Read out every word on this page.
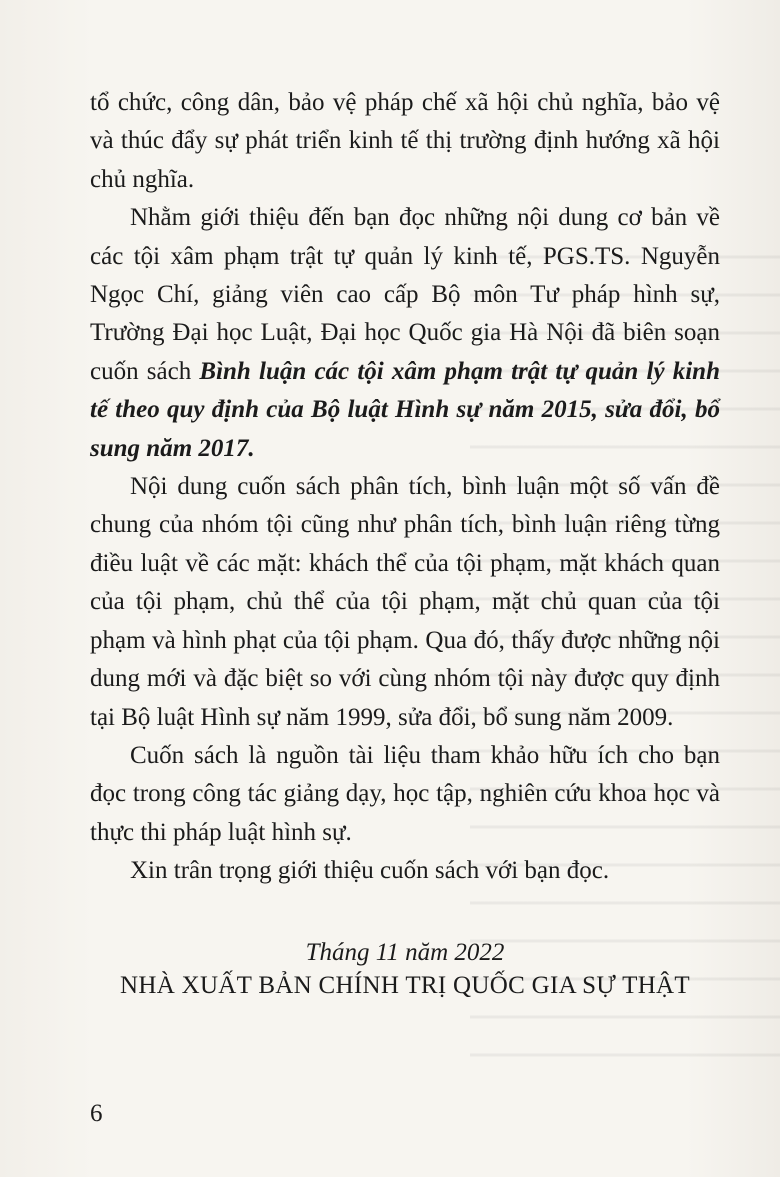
tổ chức, công dân, bảo vệ pháp chế xã hội chủ nghĩa, bảo vệ và thúc đẩy sự phát triển kinh tế thị trường định hướng xã hội chủ nghĩa.

Nhằm giới thiệu đến bạn đọc những nội dung cơ bản về các tội xâm phạm trật tự quản lý kinh tế, PGS.TS. Nguyễn Ngọc Chí, giảng viên cao cấp Bộ môn Tư pháp hình sự, Trường Đại học Luật, Đại học Quốc gia Hà Nội đã biên soạn cuốn sách Bình luận các tội xâm phạm trật tự quản lý kinh tế theo quy định của Bộ luật Hình sự năm 2015, sửa đổi, bổ sung năm 2017.

Nội dung cuốn sách phân tích, bình luận một số vấn đề chung của nhóm tội cũng như phân tích, bình luận riêng từng điều luật về các mặt: khách thể của tội phạm, mặt khách quan của tội phạm, chủ thể của tội phạm, mặt chủ quan của tội phạm và hình phạt của tội phạm. Qua đó, thấy được những nội dung mới và đặc biệt so với cùng nhóm tội này được quy định tại Bộ luật Hình sự năm 1999, sửa đổi, bổ sung năm 2009.

Cuốn sách là nguồn tài liệu tham khảo hữu ích cho bạn đọc trong công tác giảng dạy, học tập, nghiên cứu khoa học và thực thi pháp luật hình sự.

Xin trân trọng giới thiệu cuốn sách với bạn đọc.

Tháng 11 năm 2022
NHÀ XUẤT BẢN CHÍNH TRỊ QUỐC GIA SỰ THẬT
6
